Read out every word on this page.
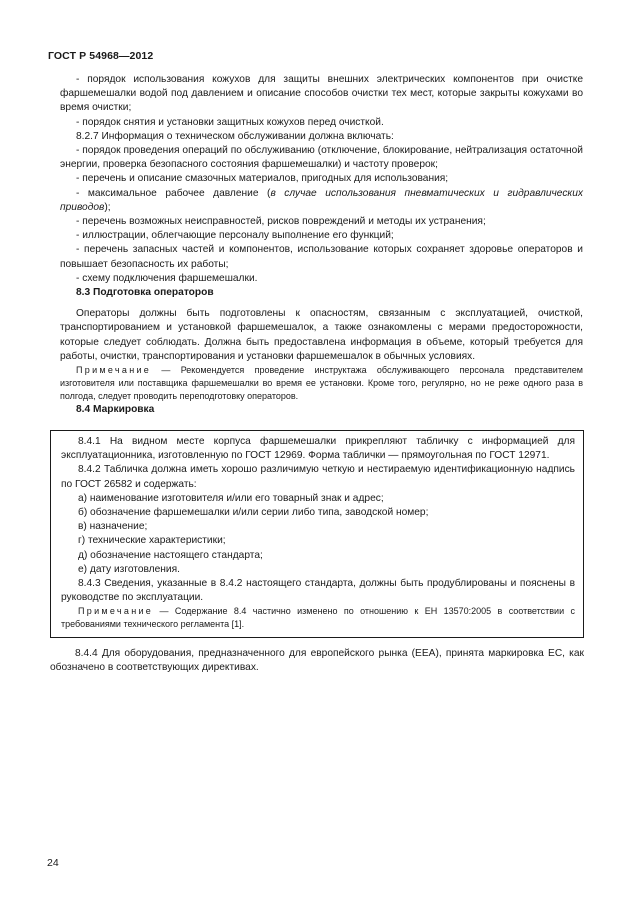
ГОСТ Р 54968—2012

- порядок использования кожухов для защиты внешних электрических компонентов при очистке фаршемешалки водой под давлением и описание способов очистки тех мест, которые закрыты кожухами во время очистки;

- порядок снятия и установки защитных кожухов перед очисткой.

8.2.7 Информация о техническом обслуживании должна включать:

- порядок проведения операций по обслуживанию (отключение, блокирование, нейтрализация остаточной энергии, проверка безопасного состояния фаршемешалки) и частоту проверок;

- перечень и описание смазочных материалов, пригодных для использования;

- максимальное рабочее давление (в случае использования пневматических и гидравлических приводов);

- перечень возможных неисправностей, рисков повреждений и методы их устранения;

- иллюстрации, облегчающие персоналу выполнение его функций;

- перечень запасных частей и компонентов, использование которых сохраняет здоровье операторов и повышает безопасность их работы;

- схему подключения фаршемешалки.

8.3 Подготовка операторов

Операторы должны быть подготовлены к опасностям, связанным с эксплуатацией, очисткой, транспортированием и установкой фаршемешалок, а также ознакомлены с мерами предосторожности, которые следует соблюдать. Должна быть предоставлена информация в объеме, который требуется для работы, очистки, транспортирования и установки фаршемешалок в обычных условиях.

Примечание — Рекомендуется проведение инструктажа обслуживающего персонала представителем изготовителя или поставщика фаршемешалки во время ее установки. Кроме того, регулярно, но не реже одного раза в полгода, следует проводить переподготовку операторов.

8.4 Маркировка

8.4.1 На видном месте корпуса фаршемешалки прикрепляют табличку с информацией для эксплуатационника, изготовленную по ГОСТ 12969. Форма таблички — прямоугольная по ГОСТ 12971.

8.4.2 Табличка должна иметь хорошо различимую четкую и нестираемую идентификационную надпись по ГОСТ 26582 и содержать:

а) наименование изготовителя и/или его товарный знак и адрес;

б) обозначение фаршемешалки и/или серии либо типа, заводской номер;

в) назначение;

г) технические характеристики;

д) обозначение настоящего стандарта;

е) дату изготовления.

8.4.3 Сведения, указанные в 8.4.2 настоящего стандарта, должны быть продублированы и пояснены в руководстве по эксплуатации.

Примечание — Содержание 8.4 частично изменено по отношению к ЕН 13570:2005 в соответствии с требованиями технического регламента [1].

8.4.4 Для оборудования, предназначенного для европейского рынка (ЕЕА), принята маркировка ЕС, как обозначено в соответствующих директивах.

24
